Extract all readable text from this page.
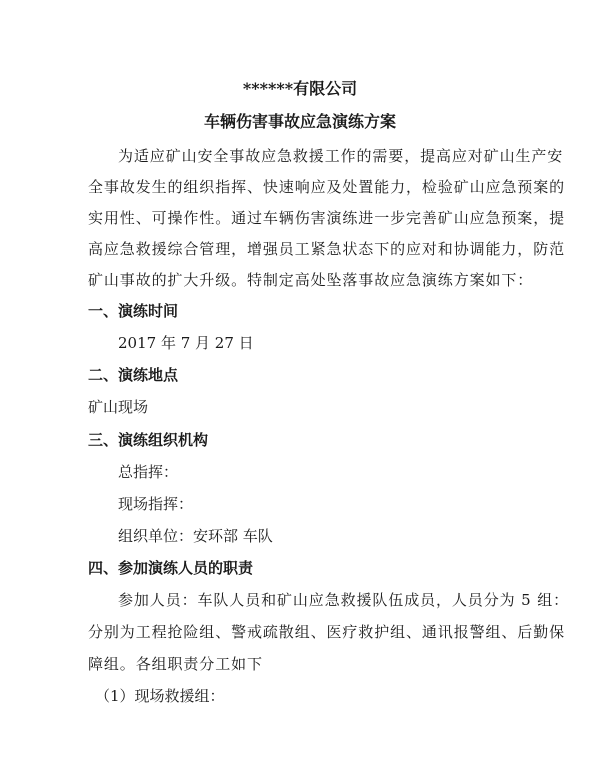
******有限公司
车辆伤害事故应急演练方案
为适应矿山安全事故应急救援工作的需要，提高应对矿山生产安
全事故发生的组织指挥、快速响应及处置能力，检验矿山应急预案的
实用性、可操作性。通过车辆伤害演练进一步完善矿山应急预案，提
高应急救援综合管理，增强员工紧急状态下的应对和协调能力，防范
矿山事故的扩大升级。特制定高处坠落事故应急演练方案如下：
一、演练时间
2017 年 7 月 27 日
二、演练地点
矿山现场
三、演练组织机构
总指挥：
现场指挥：
组织单位：安环部 车队
四、参加演练人员的职责
参加人员：车队人员和矿山应急救援队伍成员，人员分为 5 组：
分别为工程抢险组、警戒疏散组、医疗救护组、通讯报警组、后勤保
障组。各组职责分工如下
（1）现场救援组：
